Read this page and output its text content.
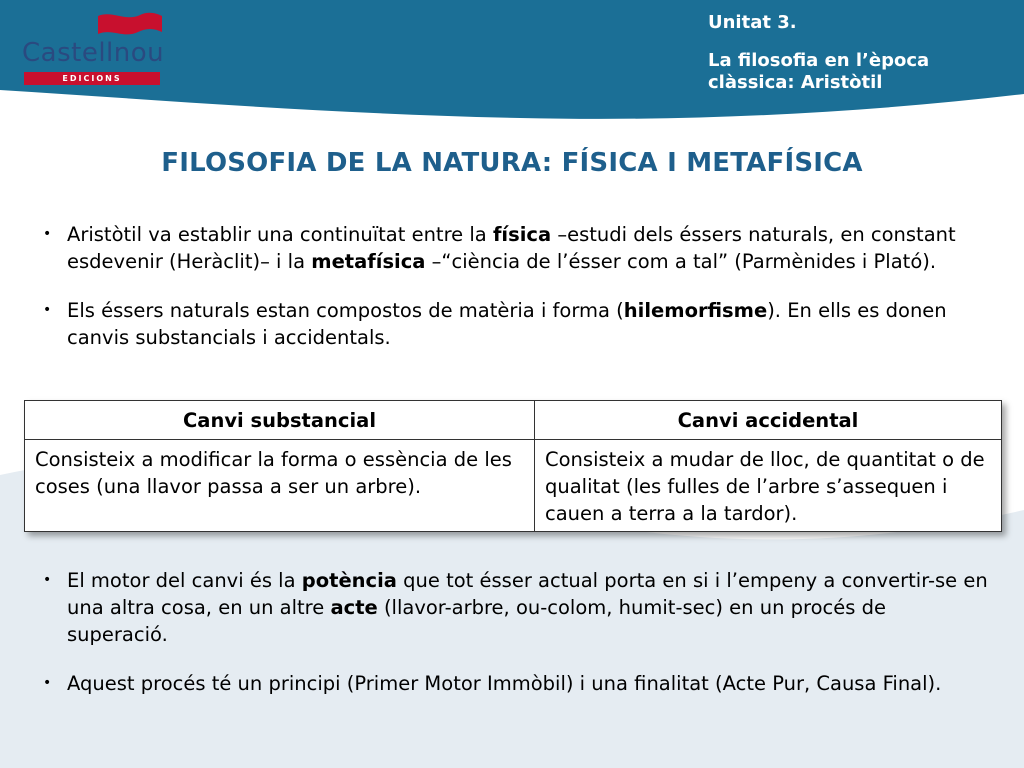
Castellnou
EDICIONS
Unitat 3.
La filosofia en l’època
clàssica: Aristòtil
FILOSOFIA DE LA NATURA: FÍSICA I METAFÍSICA
• Aristòtil va establir una continuïtat entre la física –estudi dels éssers naturals, en constant esdevenir (Heràclit)– i la metafísica –“ciència de l’ésser com a tal” (Parmènides i Plató).
• Els éssers naturals estan compostos de matèria i forma (hilemorfisme). En ells es donen canvis substancials i accidentals.
Canvi substancial	Canvi accidental
Consisteix a modificar la forma o essència de les coses (una llavor passa a ser un arbre).	Consisteix a mudar de lloc, de quantitat o de qualitat (les fulles de l’arbre s’assequen i cauen a terra a la tardor).
• El motor del canvi és la potència que tot ésser actual porta en si i l’empeny a convertir-se en una altra cosa, en un altre acte (llavor-arbre, ou-colom, humit-sec) en un procés de superació.
• Aquest procés té un principi (Primer Motor Immòbil) i una finalitat (Acte Pur, Causa Final).
